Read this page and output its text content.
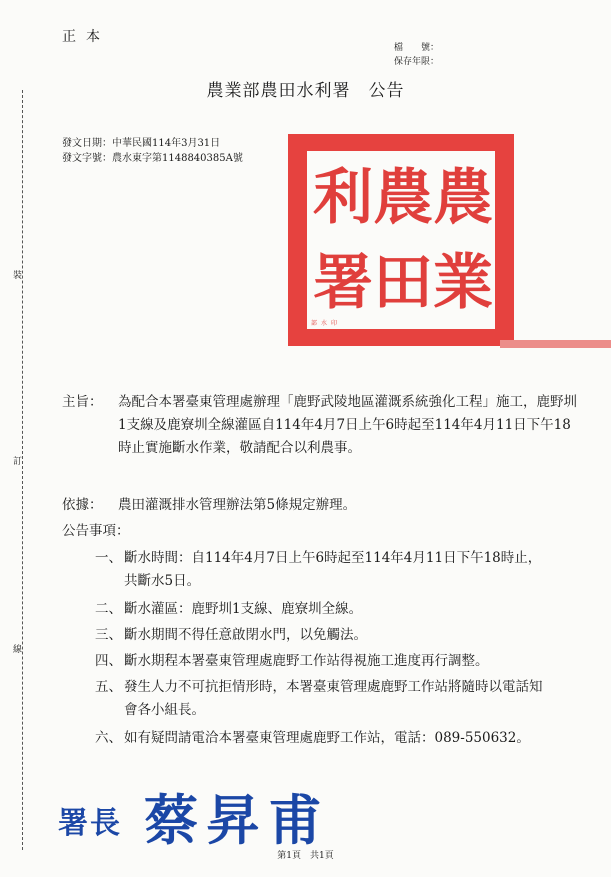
裝
訂
線
正本
檔　　號：
保存年限：
農業部農田水利署　公告
發文日期：中華民國114年3月31日
發文字號：農水東字第1148840385A號
農
農
利
業
田
署
部 水 印
主旨： 為配合本署臺東管理處辦理「鹿野武陵地區灌溉系統強化工程」施工，鹿野圳1支線及鹿寮圳全線灌區自114年4月7日上午6時起至114年4月11日下午18時止實施斷水作業，敬請配合以利農事。
依據： 農田灌溉排水管理辦法第5條規定辦理。
公告事項：
一、 斷水時間：自114年4月7日上午6時起至114年4月11日下午18時止，共斷水5日。
二、 斷水灌區：鹿野圳1支線、鹿寮圳全線。
三、 斷水期間不得任意啟閉水門，以免觸法。
四、 斷水期程本署臺東管理處鹿野工作站得視施工進度再行調整。
五、 發生人力不可抗拒情形時，本署臺東管理處鹿野工作站將隨時以電話知會各小組長。
六、 如有疑問請電洽本署臺東管理處鹿野工作站，電話：089-550632。
署長 蔡昇甫
第1頁　共1頁
